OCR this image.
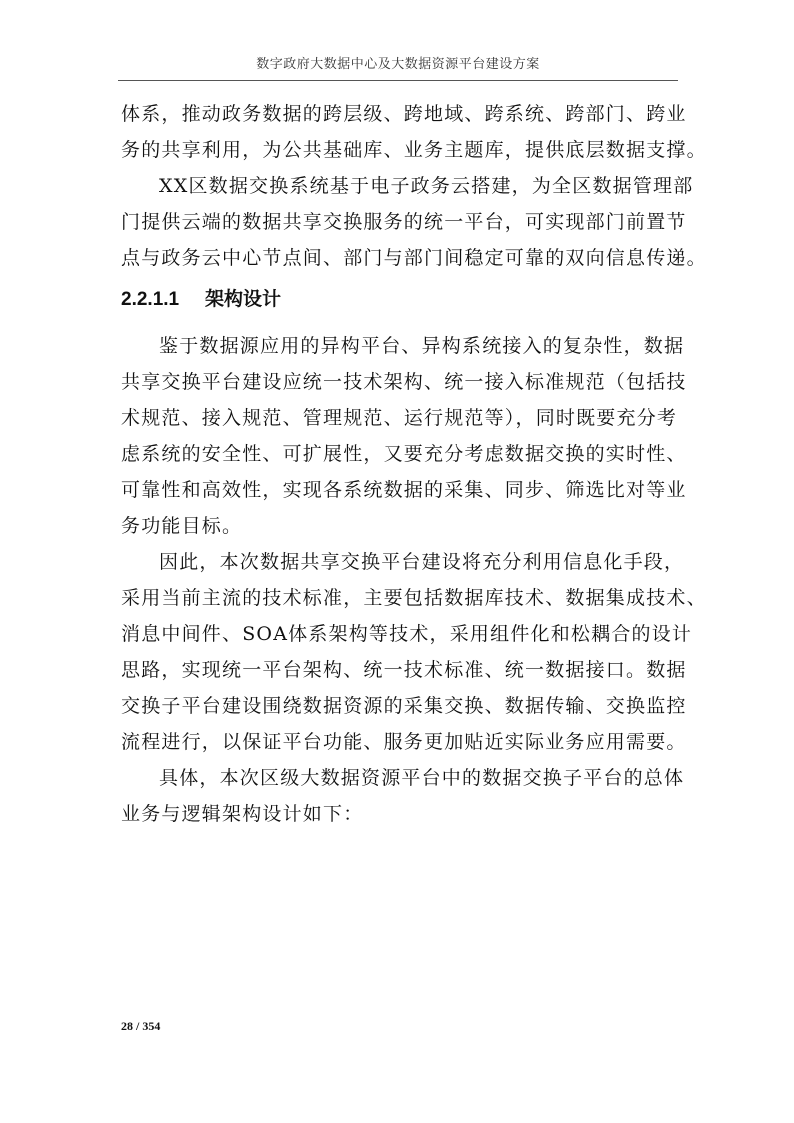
数字政府大数据中心及大数据资源平台建设方案
体系，推动政务数据的跨层级、跨地域、跨系统、跨部门、跨业
务的共享利用，为公共基础库、业务主题库，提供底层数据支撑。
XX区数据交换系统基于电子政务云搭建，为全区数据管理部
门提供云端的数据共享交换服务的统一平台，可实现部门前置节
点与政务云中心节点间、部门与部门间稳定可靠的双向信息传递。
2.2.1.1 架构设计
鉴于数据源应用的异构平台、异构系统接入的复杂性，数据
共享交换平台建设应统一技术架构、统一接入标准规范（包括技
术规范、接入规范、管理规范、运行规范等），同时既要充分考
虑系统的安全性、可扩展性，又要充分考虑数据交换的实时性、
可靠性和高效性，实现各系统数据的采集、同步、筛选比对等业
务功能目标。
因此，本次数据共享交换平台建设将充分利用信息化手段，
采用当前主流的技术标准，主要包括数据库技术、数据集成技术、
消息中间件、SOA体系架构等技术，采用组件化和松耦合的设计
思路，实现统一平台架构、统一技术标准、统一数据接口。数据
交换子平台建设围绕数据资源的采集交换、数据传输、交换监控
流程进行，以保证平台功能、服务更加贴近实际业务应用需要。
具体，本次区级大数据资源平台中的数据交换子平台的总体
业务与逻辑架构设计如下：
28 / 354
